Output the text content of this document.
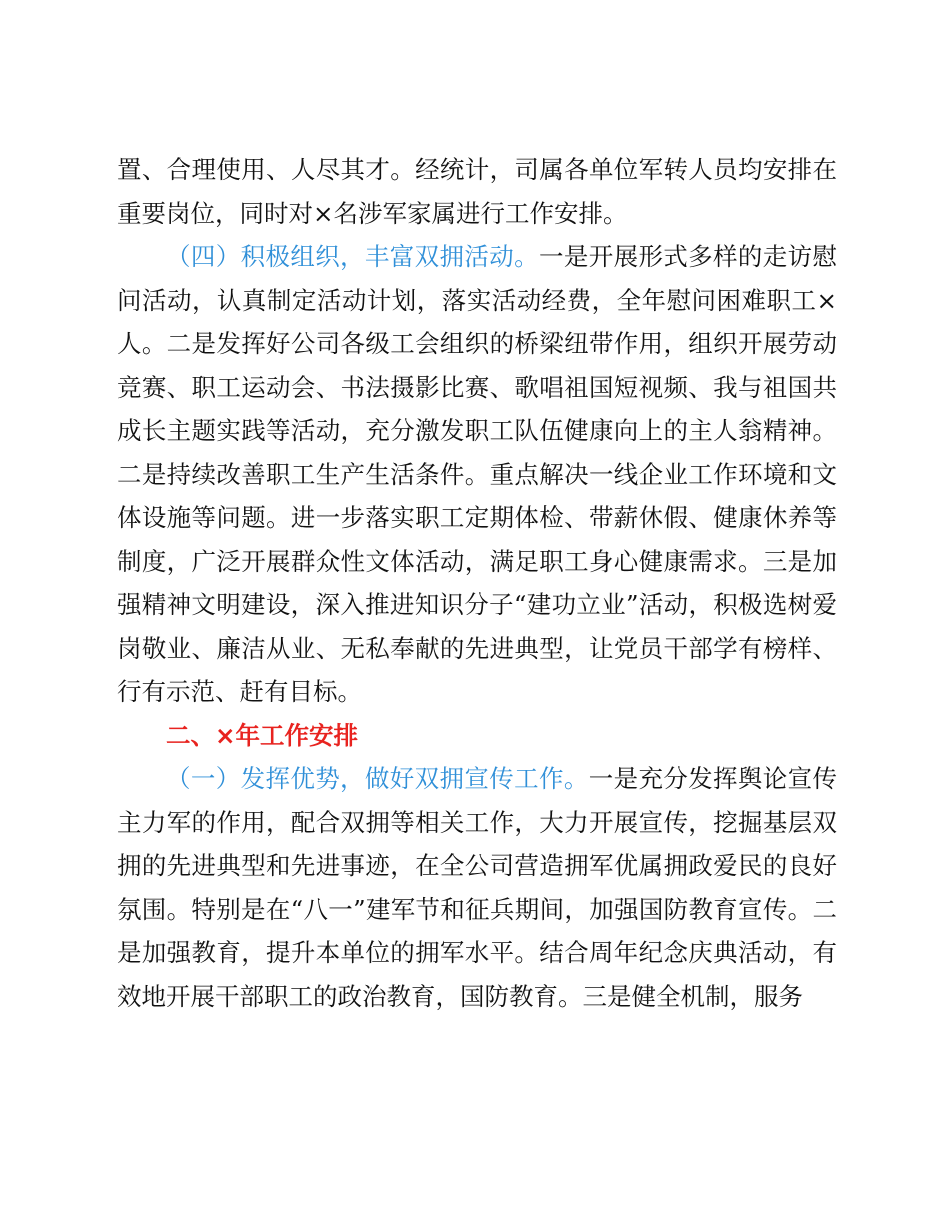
置、合理使用、人尽其才。经统计，司属各单位军转人员均安排在重要岗位，同时对×名涉军家属进行工作安排。

（四）积极组织，丰富双拥活动。一是开展形式多样的走访慰问活动，认真制定活动计划，落实活动经费，全年慰问困难职工×人。二是发挥好公司各级工会组织的桥梁纽带作用，组织开展劳动竞赛、职工运动会、书法摄影比赛、歌唱祖国短视频、我与祖国共成长主题实践等活动，充分激发职工队伍健康向上的主人翁精神。二是持续改善职工生产生活条件。重点解决一线企业工作环境和文体设施等问题。进一步落实职工定期体检、带薪休假、健康休养等制度，广泛开展群众性文体活动，满足职工身心健康需求。三是加强精神文明建设，深入推进知识分子“建功立业”活动，积极选树爱岗敬业、廉洁从业、无私奉献的先进典型，让党员干部学有榜样、行有示范、赶有目标。

二、×年工作安排

（一）发挥优势，做好双拥宣传工作。一是充分发挥舆论宣传主力军的作用，配合双拥等相关工作，大力开展宣传，挖掘基层双拥的先进典型和先进事迹，在全公司营造拥军优属拥政爱民的良好氛围。特别是在“八一”建军节和征兵期间，加强国防教育宣传。二是加强教育，提升本单位的拥军水平。结合周年纪念庆典活动，有效地开展干部职工的政治教育，国防教育。三是健全机制，服务
